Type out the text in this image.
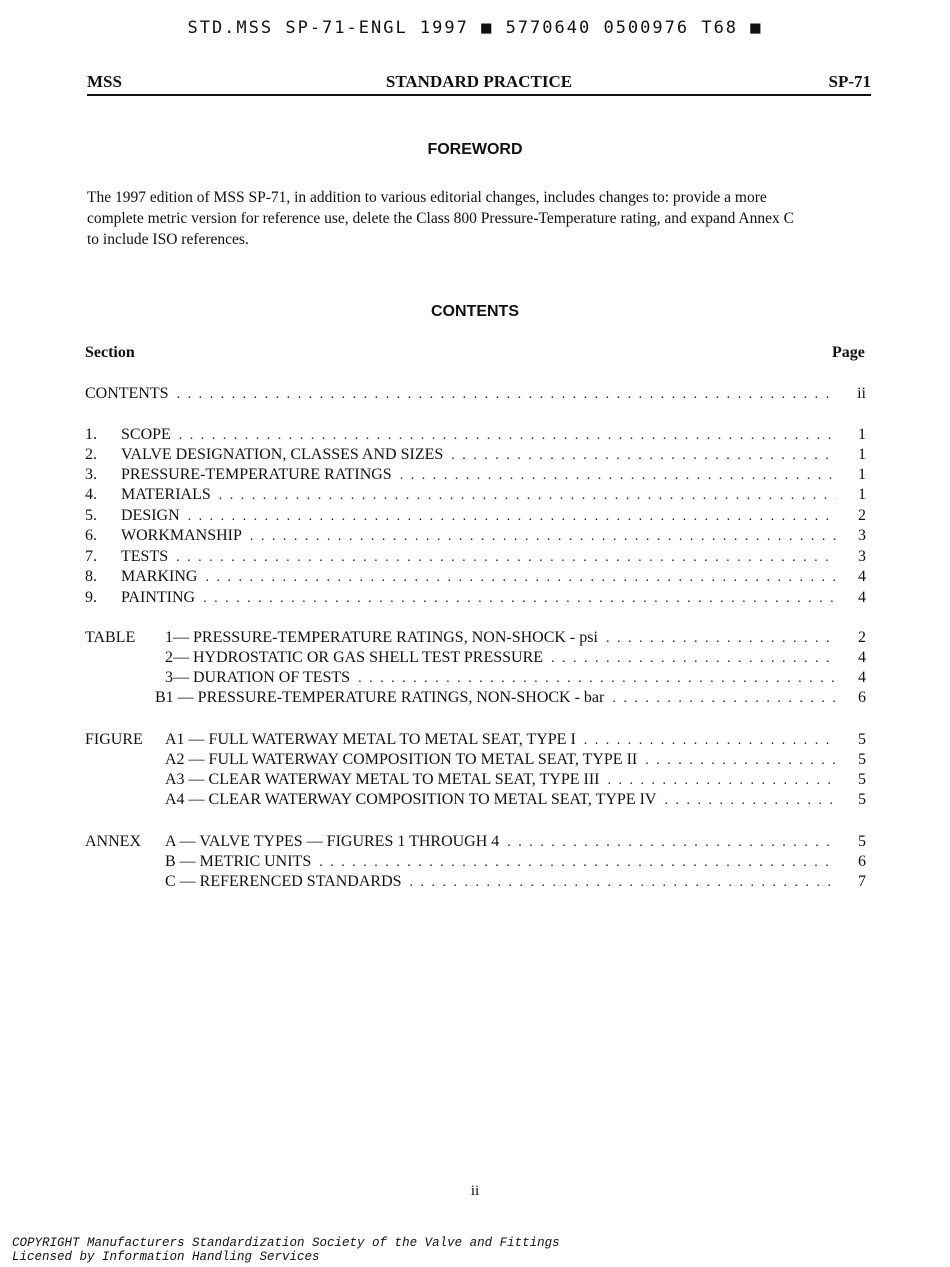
STD.MSS SP-71-ENGL 1997 ■ 5770640 0500976 T68 ■
MSS	STANDARD PRACTICE	SP-71
FOREWORD
The 1997 edition of MSS SP-71, in addition to various editorial changes, includes changes to: provide a more
complete metric version for reference use, delete the Class 800 Pressure-Temperature rating, and expand Annex C
to include ISO references.
CONTENTS
Section	Page
CONTENTS . . .	ii
1.	SCOPE . . .	1
2.	VALVE DESIGNATION, CLASSES AND SIZES . . .	1
3.	PRESSURE-TEMPERATURE RATINGS . . .	1
4.	MATERIALS . . .	1
5.	DESIGN . . .	2
6.	WORKMANSHIP . . .	3
7.	TESTS . . .	3
8.	MARKING . . .	4
9.	PAINTING . . .	4
TABLE	1— PRESSURE-TEMPERATURE RATINGS, NON-SHOCK - psi . . .	2
2— HYDROSTATIC OR GAS SHELL TEST PRESSURE . . .	4
3— DURATION OF TESTS . . .	4
B1 — PRESSURE-TEMPERATURE RATINGS, NON-SHOCK - bar . . .	6
FIGURE	A1 — FULL WATERWAY METAL TO METAL SEAT, TYPE I . . .	5
A2 — FULL WATERWAY COMPOSITION TO METAL SEAT, TYPE II . . .	5
A3 — CLEAR WATERWAY METAL TO METAL SEAT, TYPE III . . .	5
A4 — CLEAR WATERWAY COMPOSITION TO METAL SEAT, TYPE IV . . .	5
ANNEX	A — VALVE TYPES — FIGURES 1 THROUGH 4 . . .	5
B — METRIC UNITS . . .	6
C — REFERENCED STANDARDS . . .	7
ii
COPYRIGHT Manufacturers Standardization Society of the Valve and Fittings
Licensed by Information Handling Services
